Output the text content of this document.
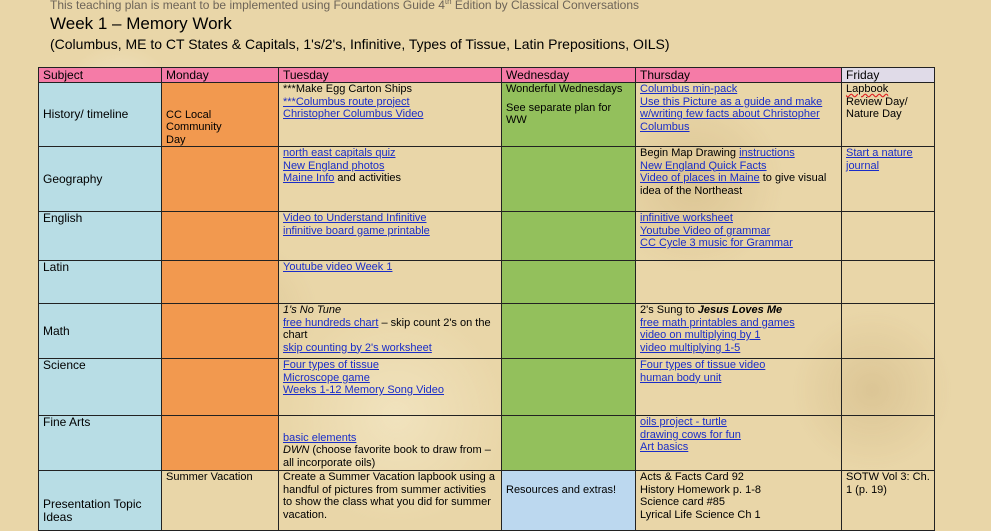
This teaching plan is meant to be implemented using Foundations Guide 4th Edition by Classical Conversations
Week 1 – Memory Work
(Columbus, ME to CT States & Capitals, 1's/2's, Infinitive, Types of Tissue, Latin Prepositions, OILS)
Subject	Monday	Tuesday	Wednesday	Thursday	Friday
History/ timeline	CC Local Community Day	***Make Egg Carton Ships
***Columbus route project
Christopher Columbus Video	Wonderful Wednesdays
See separate plan for WW	Columbus min-pack
Use this Picture as a guide and make w/writing few facts about Christopher Columbus	Lapbook
Review Day/ Nature Day

Geography		north east capitals quiz
New England photos
Maine Info and activities		Begin Map Drawing instructions
New England Quick Facts
Video of places in Maine to give visual idea of the Northeast	Start a nature journal

English		Video to Understand Infinitive
infinitive board game printable		infinitive worksheet
Youtube Video of grammar
CC Cycle 3 music for Grammar	

Latin		Youtube video Week 1			

Math		1's No Tune
free hundreds chart – skip count 2's on the chart
skip counting by 2's worksheet		2's Sung to Jesus Loves Me
free math printables and games
video on multiplying by 1
video multiplying 1-5	

Science		Four types of tissue
Microscope game
Weeks 1-12 Memory Song Video		Four types of tissue video
human body unit	

Fine Arts		basic elements
DWN (choose favorite book to draw from – all incorporate oils)		oils project - turtle
drawing cows for fun
Art basics	

Presentation Topic Ideas	Summer Vacation	Create a Summer Vacation lapbook using a handful of pictures from summer activities to show the class what you did for summer vacation.	Resources and extras!	Acts & Facts Card 92
History Homework p. 1-8
Science card #85
Lyrical Life Science Ch 1	SOTW Vol 3: Ch. 1 (p. 19)
